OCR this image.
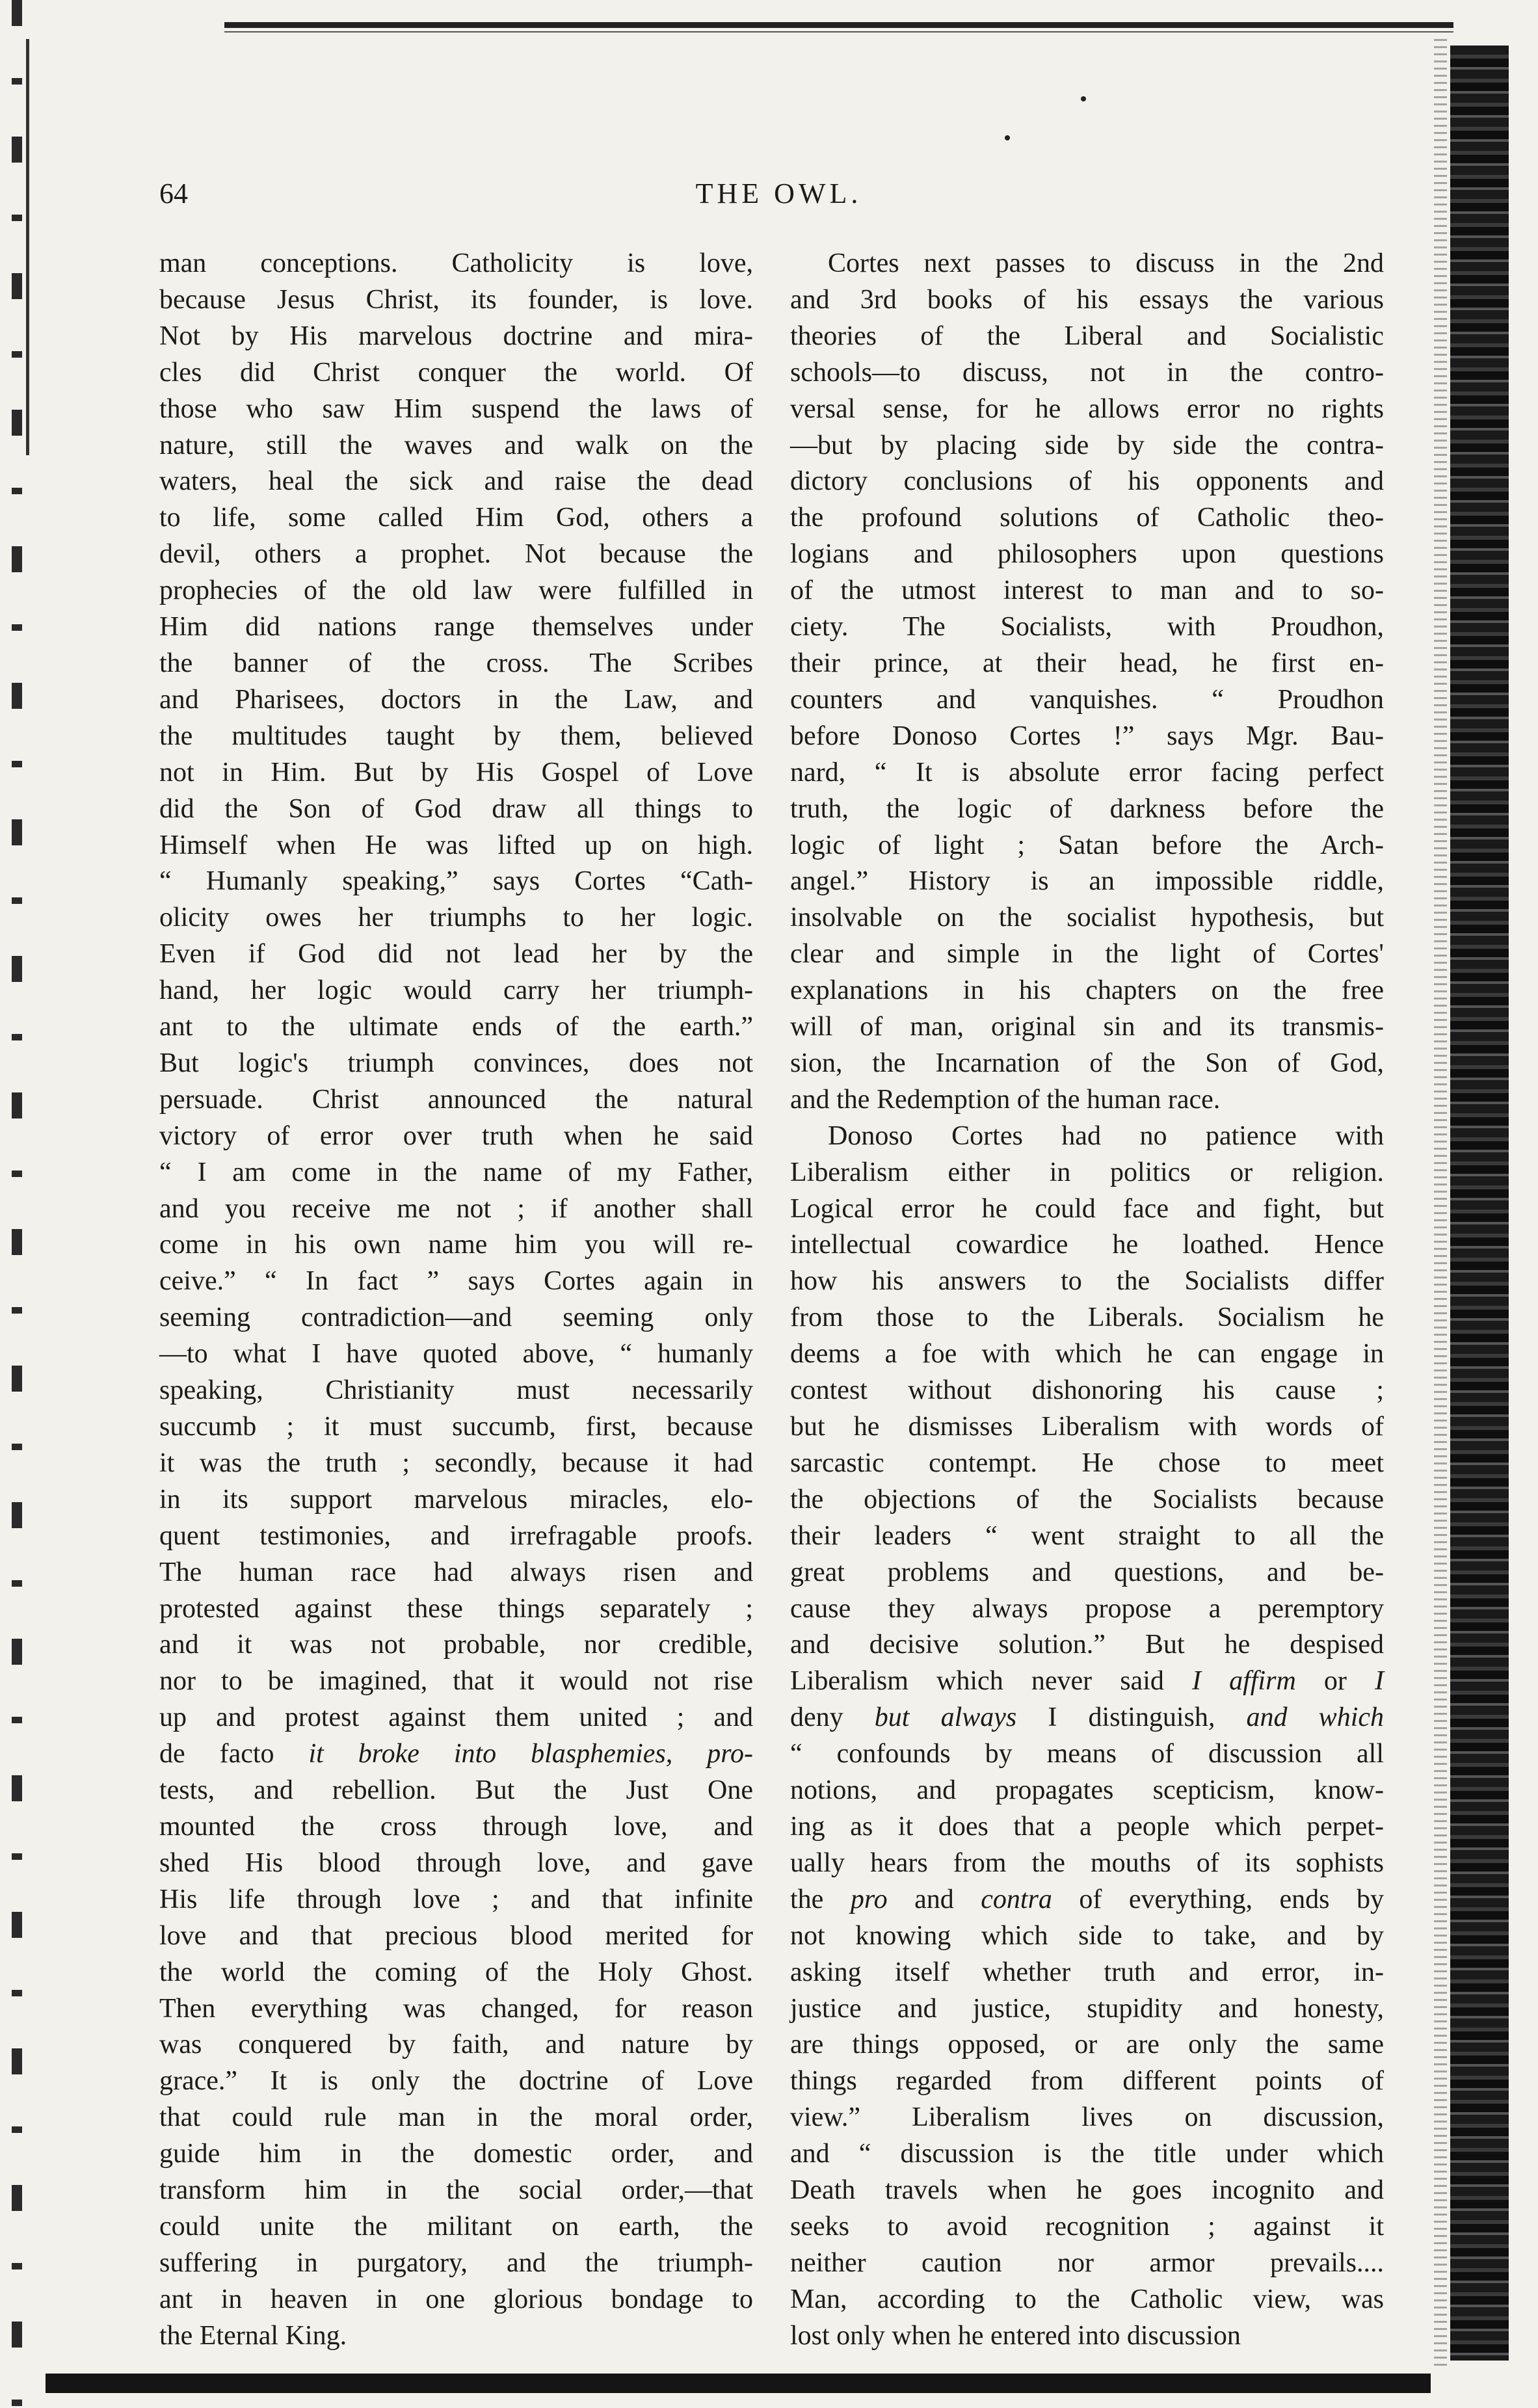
64	THE OWL.

man conceptions. Catholicity is love,

because Jesus Christ, its founder, is love.

Not by His marvelous doctrine and mira-

cles did Christ conquer the world. Of

those who saw Him suspend the laws of

nature, still the waves and walk on the

waters, heal the sick and raise the dead

to life, some called Him God, others a

devil, others a prophet. Not because the

prophecies of the old law were fulfilled in

Him did nations range themselves under

the banner of the cross. The Scribes

and Pharisees, doctors in the Law, and

the multitudes taught by them, believed

not in Him. But by His Gospel of Love

did the Son of God draw all things to

Himself when He was lifted up on high.

“ Humanly speaking,” says Cortes “Cath-

olicity owes her triumphs to her logic.

Even if God did not lead her by the

hand, her logic would carry her triumph-

ant to the ultimate ends of the earth.”

But logic's triumph convinces, does not

persuade. Christ announced the natural

victory of error over truth when he said

“ I am come in the name of my Father,

and you receive me not ; if another shall

come in his own name him you will re-

ceive.” “ In fact ” says Cortes again in

seeming contradiction—and seeming only

—to what I have quoted above, “ humanly

speaking, Christianity must necessarily

succumb ; it must succumb, first, because

it was the truth ; secondly, because it had

in its support marvelous miracles, elo-

quent testimonies, and irrefragable proofs.

The human race had always risen and

protested against these things separately ;

and it was not probable, nor credible,

nor to be imagined, that it would not rise

up and protest against them united ; and

de facto it broke into blasphemies, pro-

tests, and rebellion. But the Just One

mounted the cross through love, and

shed His blood through love, and gave

His life through love ; and that infinite

love and that precious blood merited for

the world the coming of the Holy Ghost.

Then everything was changed, for reason

was conquered by faith, and nature by

grace.” It is only the doctrine of Love

that could rule man in the moral order,

guide him in the domestic order, and

transform him in the social order,—that

could unite the militant on earth, the

suffering in purgatory, and the triumph-

ant in heaven in one glorious bondage to

the Eternal King.

Cortes next passes to discuss in the 2nd

and 3rd books of his essays the various

theories of the Liberal and Socialistic

schools—to discuss, not in the contro-

versal sense, for he allows error no rights

—but by placing side by side the contra-

dictory conclusions of his opponents and

the profound solutions of Catholic theo-

logians and philosophers upon questions

of the utmost interest to man and to so-

ciety. The Socialists, with Proudhon,

their prince, at their head, he first en-

counters and vanquishes. “ Proudhon

before Donoso Cortes !” says Mgr. Bau-

nard, “ It is absolute error facing perfect

truth, the logic of darkness before the

logic of light ; Satan before the Arch-

angel.” History is an impossible riddle,

insolvable on the socialist hypothesis, but

clear and simple in the light of Cortes'

explanations in his chapters on the free

will of man, original sin and its transmis-

sion, the Incarnation of the Son of God,

and the Redemption of the human race.

Donoso Cortes had no patience with

Liberalism either in politics or religion.

Logical error he could face and fight, but

intellectual cowardice he loathed. Hence

how his answers to the Socialists differ

from those to the Liberals. Socialism he

deems a foe with which he can engage in

contest without dishonoring his cause ;

but he dismisses Liberalism with words of

sarcastic contempt. He chose to meet

the objections of the Socialists because

their leaders “ went straight to all the

great problems and questions, and be-

cause they always propose a peremptory

and decisive solution.” But he despised

Liberalism which never said I affirm or I

deny but always I distinguish, and which

“ confounds by means of discussion all

notions, and propagates scepticism, know-

ing as it does that a people which perpet-

ually hears from the mouths of its sophists

the pro and contra of everything, ends by

not knowing which side to take, and by

asking itself whether truth and error, in-

justice and justice, stupidity and honesty,

are things opposed, or are only the same

things regarded from different points of

view.” Liberalism lives on discussion,

and “ discussion is the title under which

Death travels when he goes incognito and

seeks to avoid recognition ; against it

neither caution nor armor prevails....

Man, according to the Catholic view, was

lost only when he entered into discussion
